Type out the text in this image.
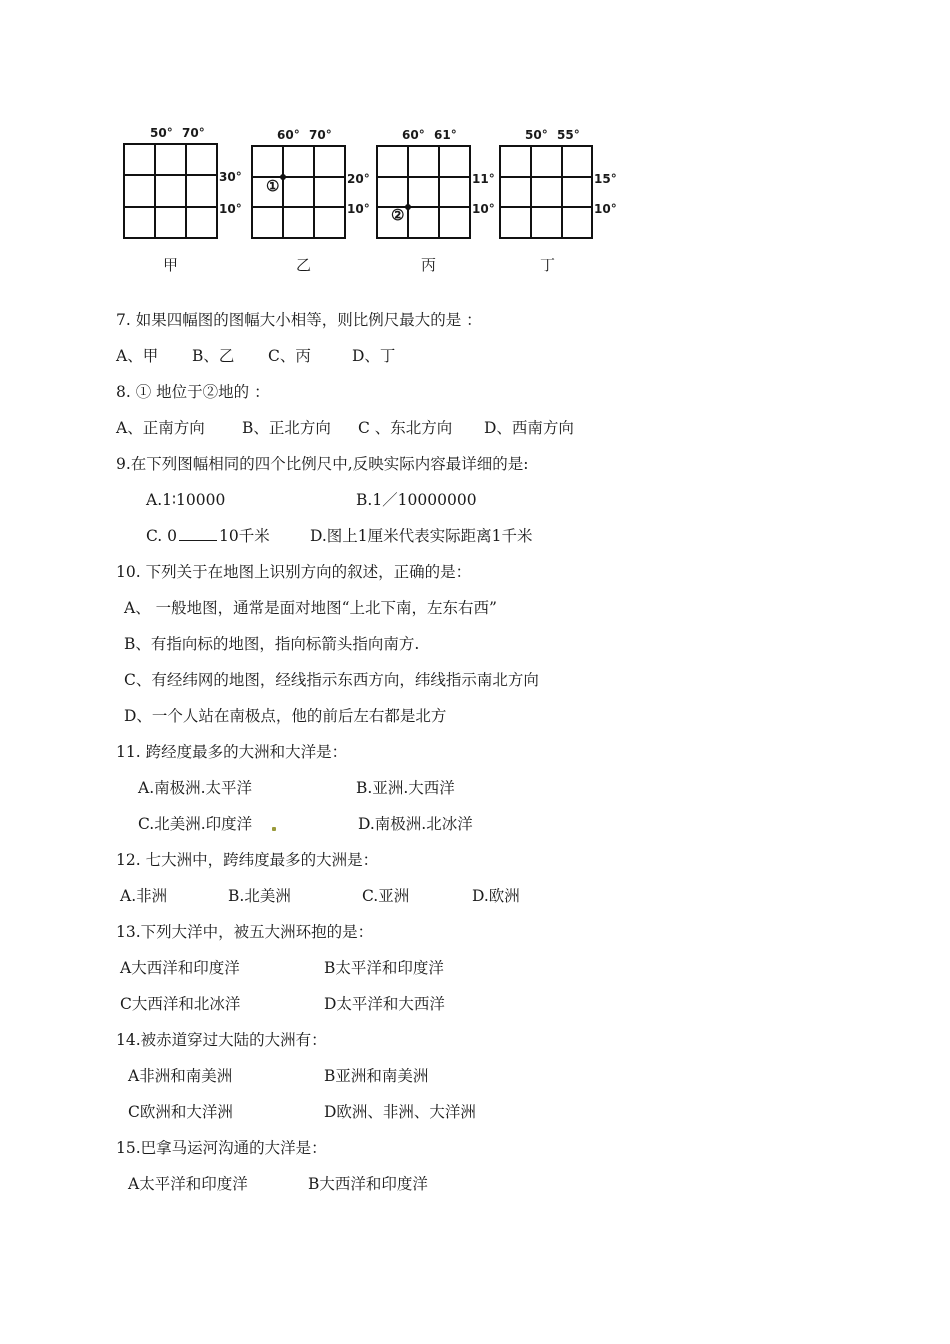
50° 70°
30°
10°
甲
60° 70°
①	20°
10°
乙
60° 61°
②
11°
10°
丙
50° 55°
15°
10°
丁
7. 如果四幅图的图幅大小相等，则比例尺最大的是 ：
A、甲 B、乙 C、丙	D、丁
8. ① 地位于②地的 ：
A、正南方向 B、正北方向 C 、东北方向 D、西南方向
9.在下列图幅相同的四个比例尺中,反映实际内容最详细的是:
A.1∶10000	B.1／10000000
C. 0	10千米	D.图上1厘米代表实际距离1千米
10. 下列关于在地图上识别方向的叙述，正确的是：
A、 一般地图，通常是面对地图“上北下南，左东右西”
B、有指向标的地图，指向标箭头指向南方.
C、有经纬网的地图，经线指示东西方向，纬线指示南北方向
D、一个人站在南极点，他的前后左右都是北方
11. 跨经度最多的大洲和大洋是：
A.南极洲.太平洋	B.亚洲.大西洋
C.北美洲.印度洋	D.南极洲.北冰洋
12. 七大洲中，跨纬度最多的大洲是：
A.非洲	B.北美洲	C.亚洲	D.欧洲
13.下列大洋中，被五大洲环抱的是：
A大西洋和印度洋	B太平洋和印度洋
C大西洋和北冰洋	D太平洋和大西洋
14.被赤道穿过大陆的大洲有：
A非洲和南美洲	B亚洲和南美洲
C欧洲和大洋洲	D欧洲、非洲、大洋洲
15.巴拿马运河沟通的大洋是：
A太平洋和印度洋	B大西洋和印度洋
